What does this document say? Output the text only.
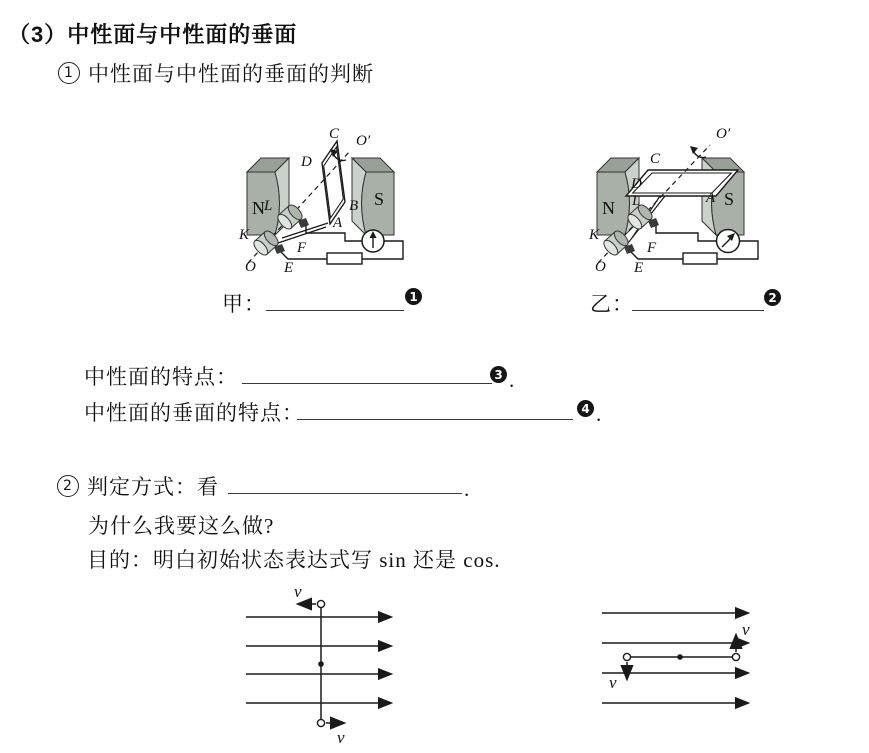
（3）中性面与中性面的垂面
1 中性面与中性面的垂面的判断
N	S
C O′
D
B
A
L
K
O E
F
N	S
C
O′
D
L	A
K
O E
F
甲：	1	乙：	2
中性面的特点：	3 .
中性面的垂面的特点：	4 .
2 判定方式：看	.
为什么我要这么做?
目的：明白初始状态表达式写 sin 还是 cos.
v
v
v
v
